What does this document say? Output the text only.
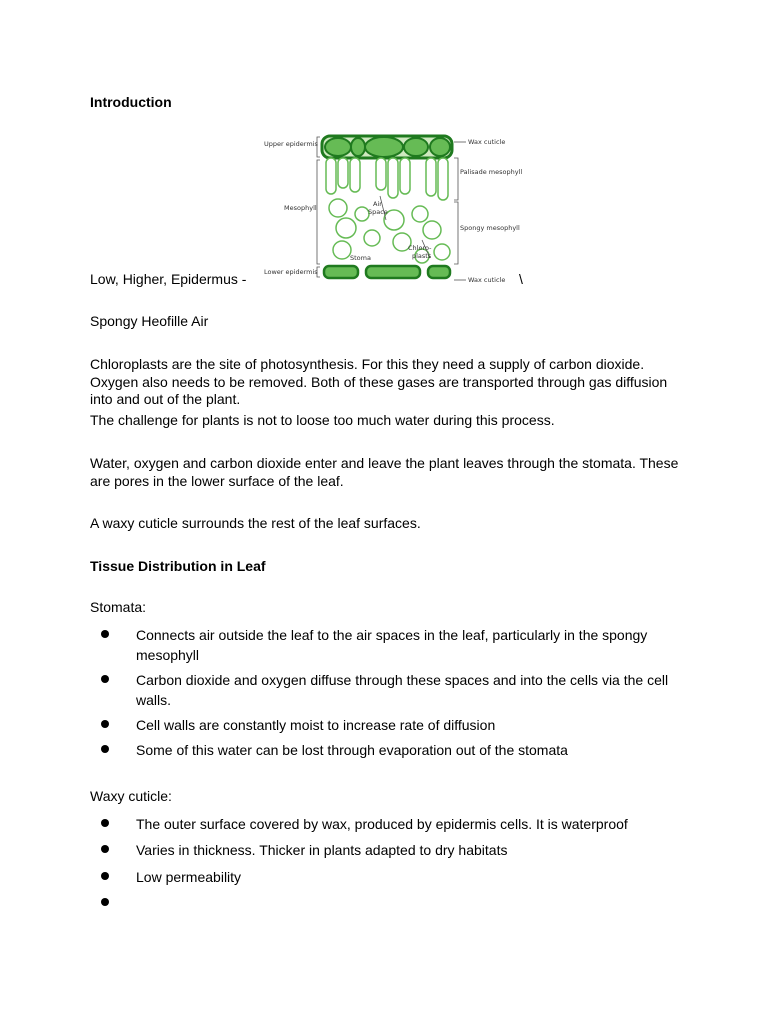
Introduction
Upper epidermis
Mesophyll
Lower epidermis
Wax cuticle
Palisade mesophyll
Spongy mesophyll
Wax cuticle
Air
Space
Stoma
Chloro-
plasts
Low, Higher, Epidermus -	\
Spongy Heofille Air
Chloroplasts are the site of photosynthesis. For this they need a supply of carbon dioxide. Oxygen also needs to be removed. Both of these gases are transported through gas diffusion into and out of the plant.
The challenge for plants is not to loose too much water during this process.
Water, oxygen and carbon dioxide enter and leave the plant leaves through the stomata. These are pores in the lower surface of the leaf.
A waxy cuticle surrounds the rest of the leaf surfaces.
Tissue Distribution in Leaf
Stomata:
Connects air outside the leaf to the air spaces in the leaf, particularly in the spongy mesophyll
Carbon dioxide and oxygen diffuse through these spaces and into the cells via the cell walls.
Cell walls are constantly moist to increase rate of diffusion
Some of this water can be lost through evaporation out of the stomata
Waxy cuticle:
The outer surface covered by wax, produced by epidermis cells. It is waterproof
Varies in thickness. Thicker in plants adapted to dry habitats
Low permeability
